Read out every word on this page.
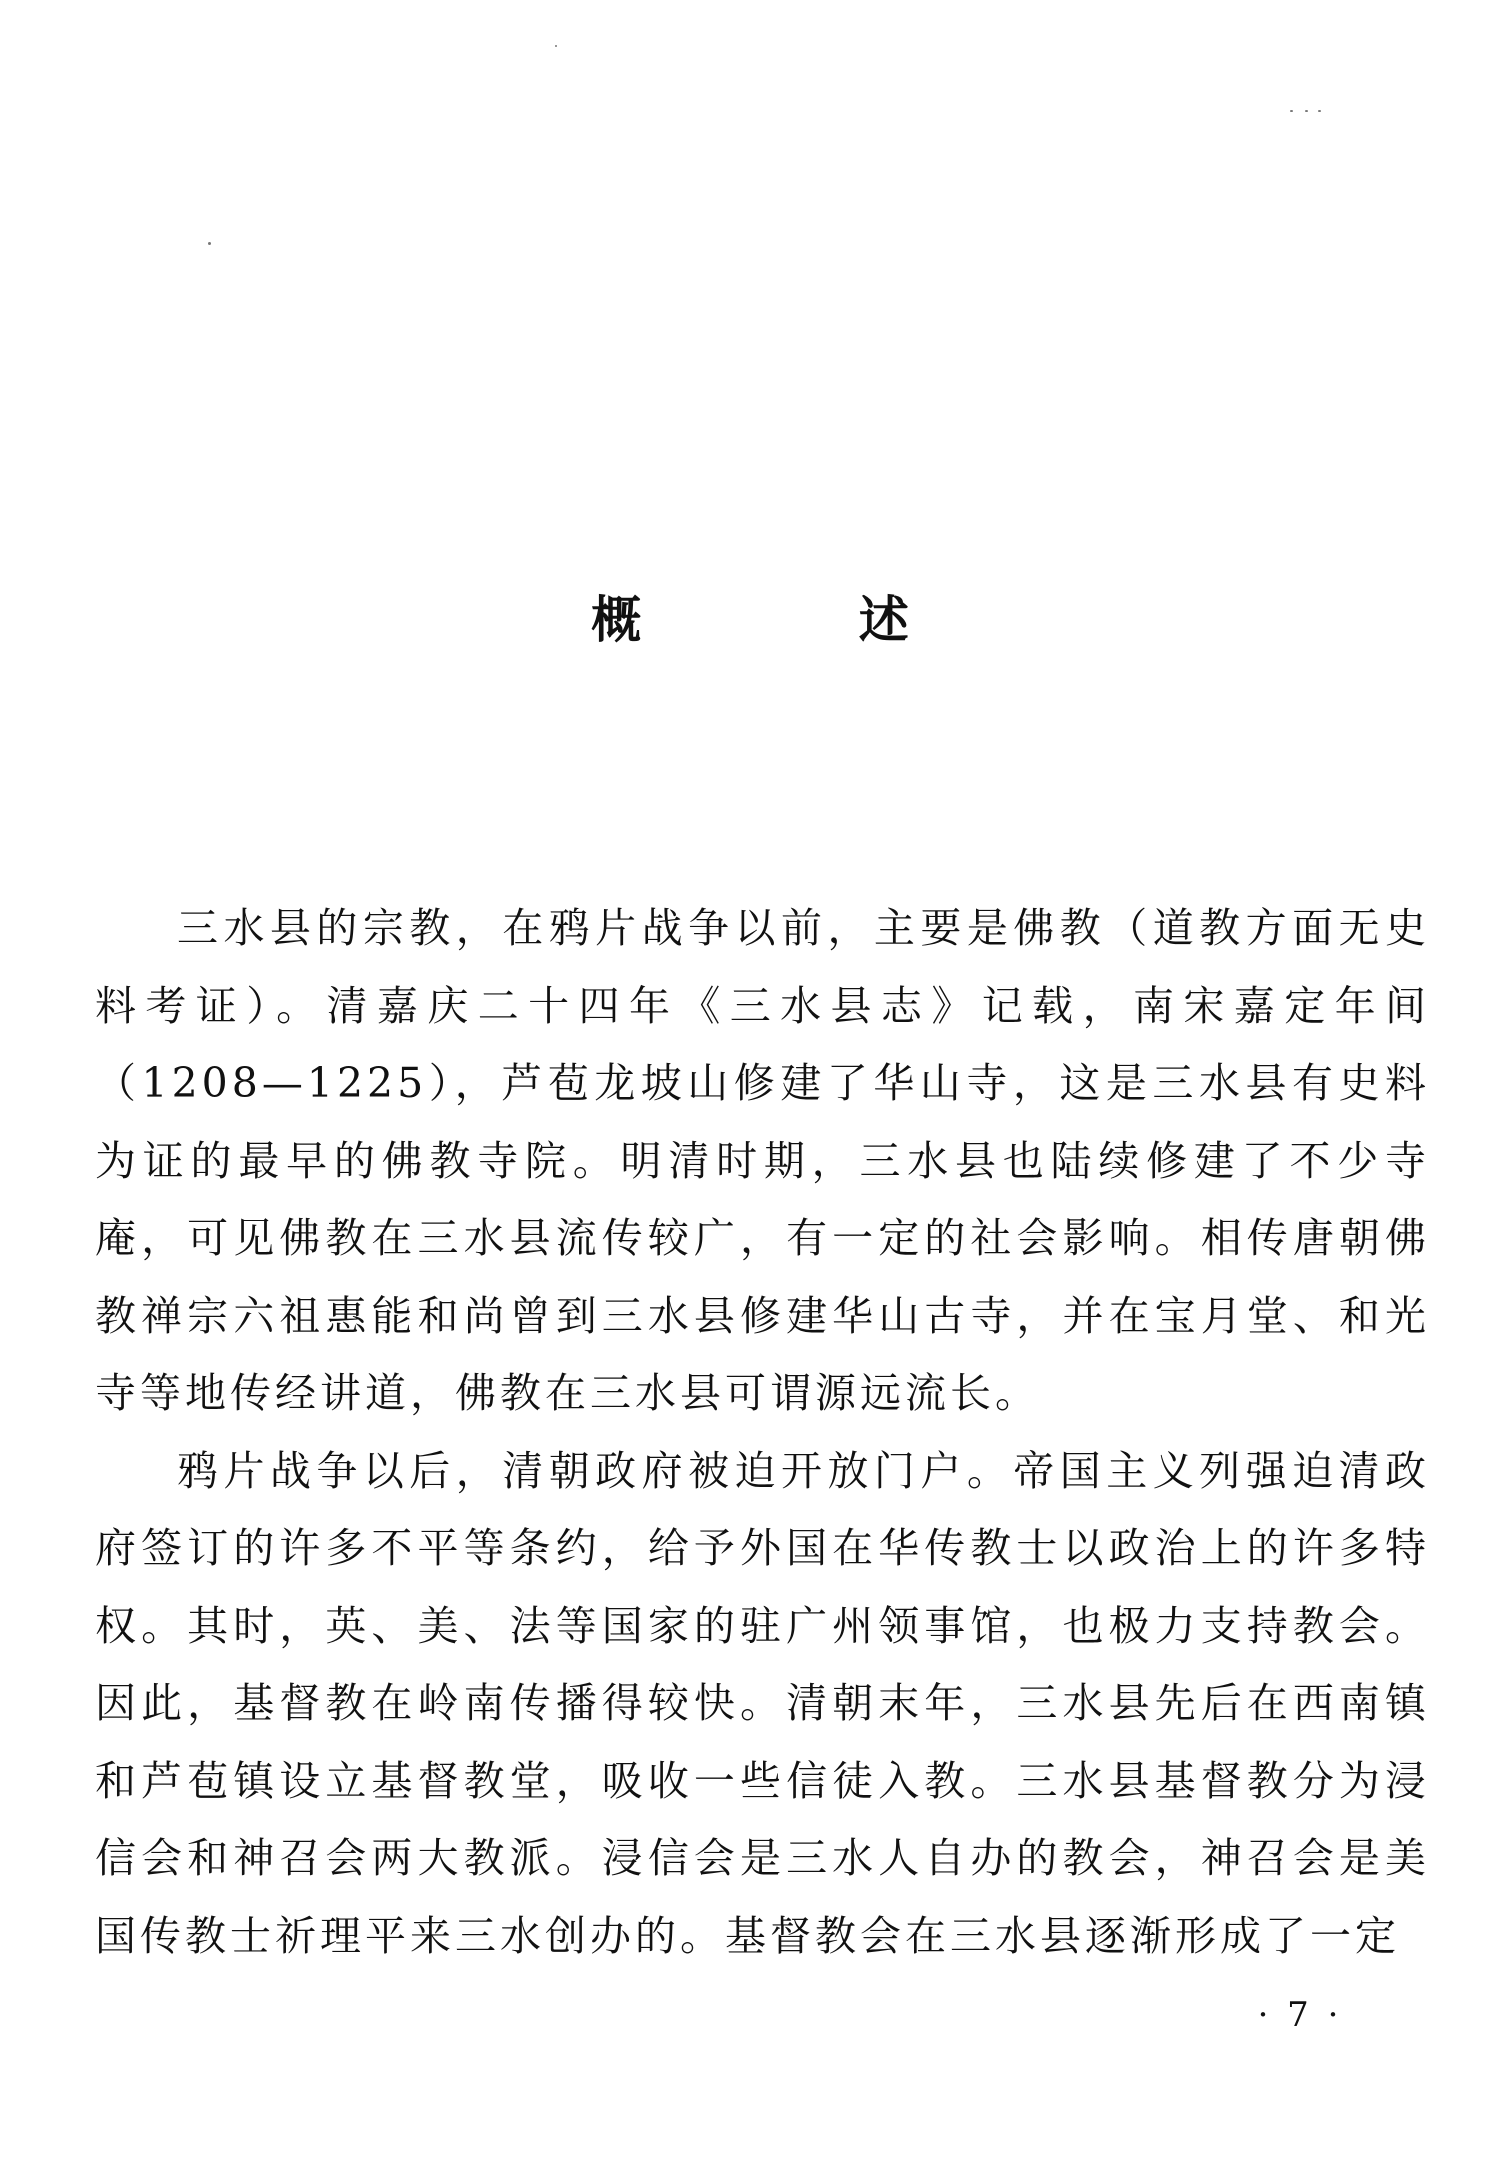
概 述

三水县的宗教，在鸦片战争以前，主要是佛教（道教方面无史料考证）。清嘉庆二十四年《三水县志》记载，南宋嘉定年间（1208—1225），芦苞龙坡山修建了华山寺，这是三水县有史料为证的最早的佛教寺院。明清时期，三水县也陆续修建了不少寺庵，可见佛教在三水县流传较广，有一定的社会影响。相传唐朝佛教禅宗六祖惠能和尚曾到三水县修建华山古寺，并在宝月堂、和光寺等地传经讲道，佛教在三水县可谓源远流长。

鸦片战争以后，清朝政府被迫开放门户。帝国主义列强迫清政府签订的许多不平等条约，给予外国在华传教士以政治上的许多特权。其时，英、美、法等国家的驻广州领事馆，也极力支持教会。因此，基督教在岭南传播得较快。清朝末年，三水县先后在西南镇和芦苞镇设立基督教堂，吸收一些信徒入教。三水县基督教分为浸信会和神召会两大教派。浸信会是三水人自办的教会，神召会是美国传教士祈理平来三水创办的。基督教会在三水县逐渐形成了一定

· 7 ·
